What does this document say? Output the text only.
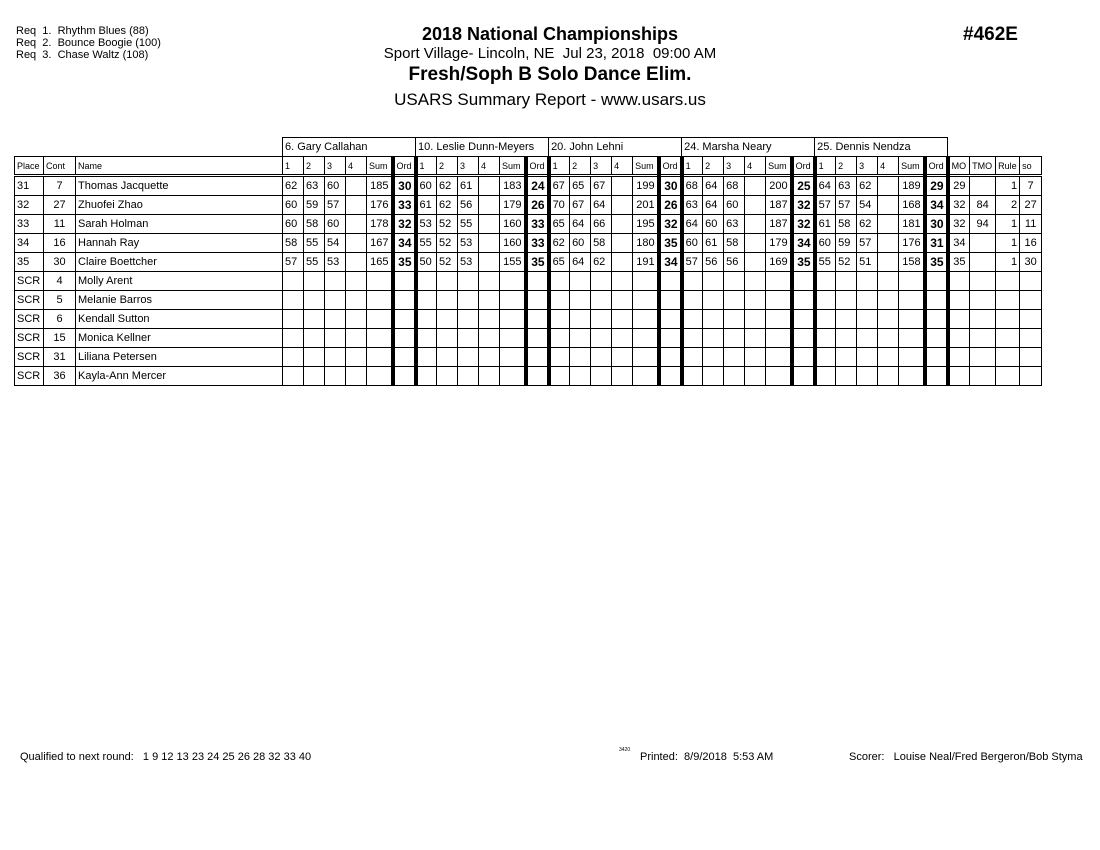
Req  1.  Rhythm Blues (88)
Req  2.  Bounce Boogie (100)
Req  3.  Chase Waltz (108)
2018 National Championships
Sport Village- Lincoln, NE  Jul 23, 2018  09:00 AM
Fresh/Soph B Solo Dance Elim.
USARS Summary Report - www.usars.us
#462E
			6. Gary Callahan						10. Leslie Dunn-Meyers						20. John Lehni						24. Marsha Neary						25. Dennis Nendza									
Place	Cont	Name	1	2	3	4	Sum	Ord	1	2	3	4	Sum	Ord	1	2	3	4	Sum	Ord	1	2	3	4	Sum	Ord	1	2	3	4	Sum	Ord	MO	TMO	Rule	so
31	7	Thomas Jacquette	62	63	60		185	30	60	62	61		183	24	67	65	67		199	30	68	64	68		200	25	64	63	62		189	29	29		1	7
32	27	Zhuofei Zhao	60	59	57		176	33	61	62	56		179	26	70	67	64		201	26	63	64	60		187	32	57	57	54		168	34	32	84	2	27
33	11	Sarah Holman	60	58	60		178	32	53	52	55		160	33	65	64	66		195	32	64	60	63		187	32	61	58	62		181	30	32	94	1	11
34	16	Hannah Ray	58	55	54		167	34	55	52	53		160	33	62	60	58		180	35	60	61	58		179	34	60	59	57		176	31	34		1	16
35	30	Claire Boettcher	57	55	53		165	35	50	52	53		155	35	65	64	62		191	34	57	56	56		169	35	55	52	51		158	35	35		1	30
SCR	4	Molly Arent																																		
SCR	5	Melanie Barros																																		
SCR	6	Kendall Sutton																																		
SCR	15	Monica Kellner																																		
SCR	31	Liliana Petersen																																		
SCR	36	Kayla-Ann Mercer																																		
Qualified to next round:   1 9 12 13 23 24 25 26 28 32 33 40
3420
Printed:  8/9/2018  5:53 AM	Scorer:   Louise Neal/Fred Bergeron/Bob Styma
